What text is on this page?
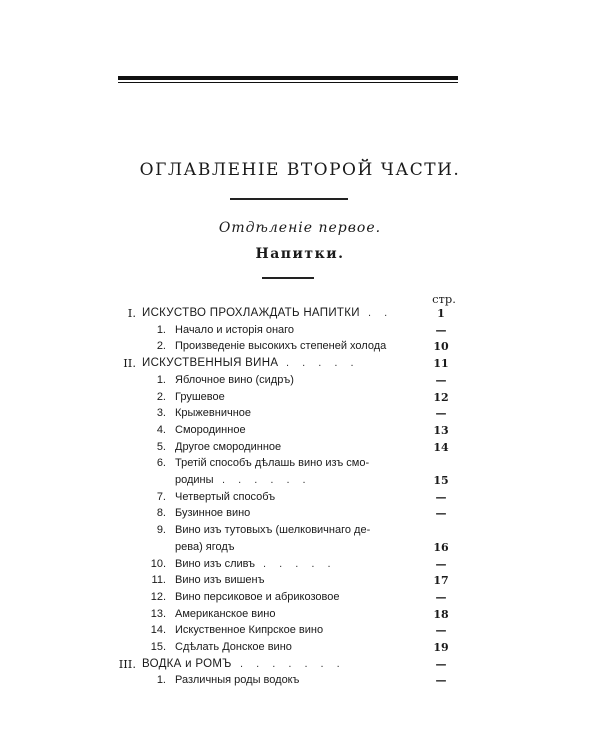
ОГЛАВЛЕНІЕ ВТОРОЙ ЧАСТИ.
Отдѣленіе первое.
Напитки.
стр.
I. ИСКУСТВО ПРОХЛАЖДАТЬ НАПИТКИ . .	1
1. Начало и исторія онаго	—
2. Произведеніе высокихъ степеней холода	10
II. ИСКУСТВЕННЫЯ ВИНА . . . . .	11
1. Яблочное вино (сидръ)	—
2. Грушевое	12
3. Крыжевничное	—
4. Смородинное	13
5. Другое смородинное	14
6. Третій способъ дѣлашь вино изъ смо-
родины . . . . . .	15
7. Четвертый способъ	—
8. Бузинное вино	—
9. Вино изъ тутовыхъ (шелковичнаго де-
рева) ягодъ	16
10. Вино изъ сливъ . . . . .	—
11. Вино изъ вишенъ	17
12. Вино персиковое и абрикозовое	—
13. Американское вино	18
14. Искуственное Кипрское вино	—
15. Сдѣлать Донское вино	19
III. ВОДКА и РОМЪ . . . . . . .	—
1. Различныя роды водокъ	—
